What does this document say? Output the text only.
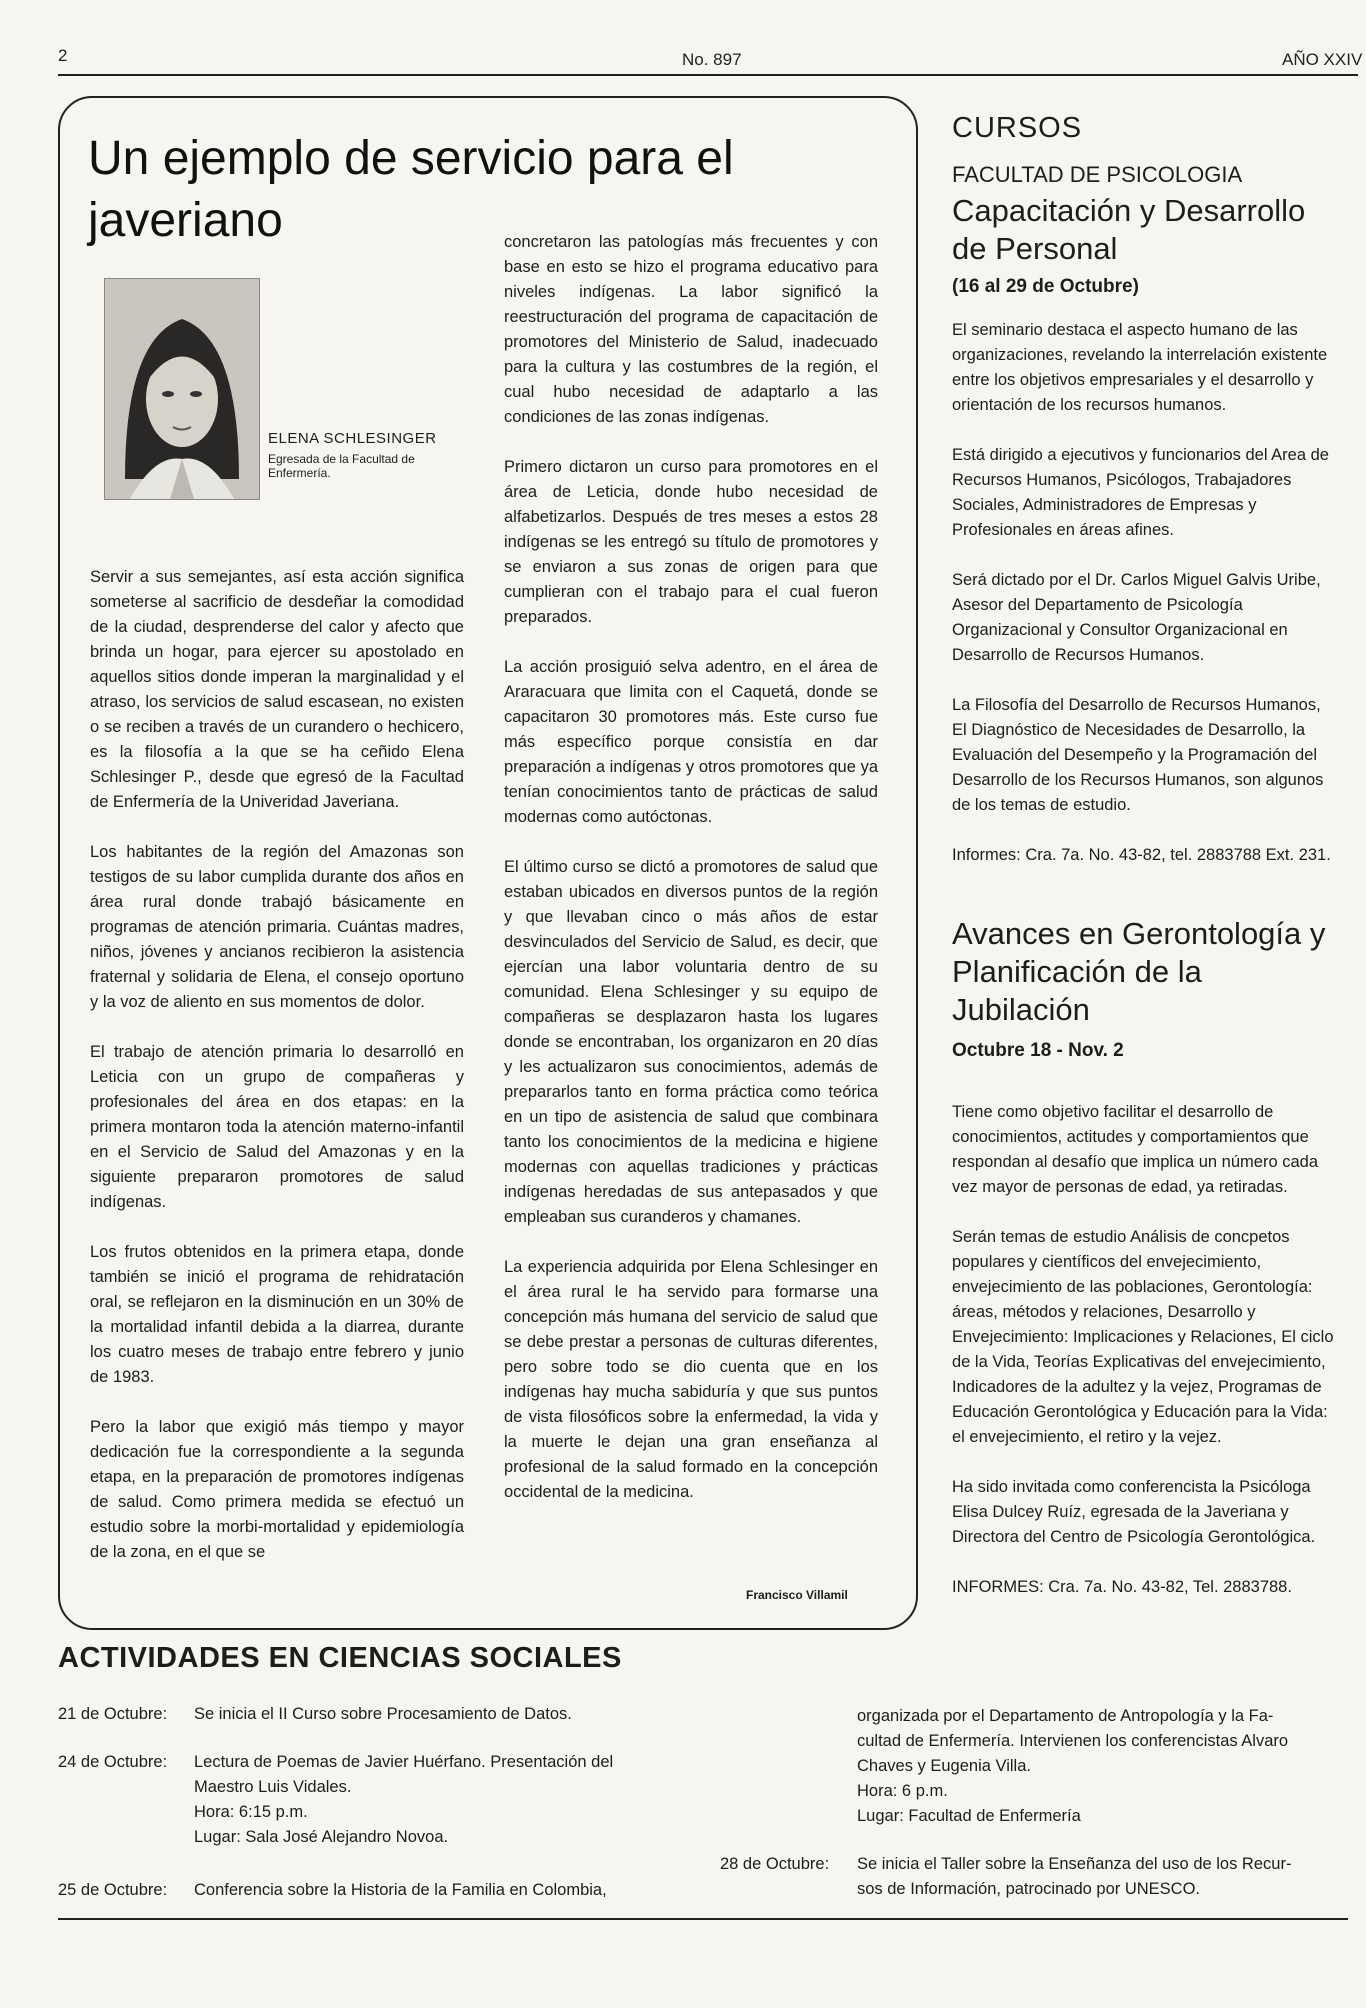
2	No. 897	AÑO XXIV
Un ejemplo de servicio para el javeriano
ELENA SCHLESINGER
Egresada de la Facultad de Enfermería.

Servir a sus semejantes, así esta acción significa someterse al sacrificio de desdeñar la comodidad de la ciudad, desprenderse del calor y afecto que brinda un hogar, para ejercer su apostolado en aquellos sitios donde imperan la marginalidad y el atraso, los servicios de salud escasean, no existen o se reciben a través de un curandero o hechicero, es la filosofía a la que se ha ceñido Elena Schlesinger P., desde que egresó de la Facultad de Enfermería de la Univeridad Javeriana.

Los habitantes de la región del Amazonas son testigos de su labor cumplida durante dos años en área rural donde trabajó básicamente en programas de atención primaria. Cuántas madres, niños, jóvenes y ancianos recibieron la asistencia fraternal y solidaria de Elena, el consejo oportuno y la voz de aliento en sus momentos de dolor.

El trabajo de atención primaria lo desarrolló en Leticia con un grupo de compañeras y profesionales del área en dos etapas: en la primera montaron toda la atención materno-infantil en el Servicio de Salud del Amazonas y en la siguiente prepararon promotores de salud indígenas.

Los frutos obtenidos en la primera etapa, donde también se inició el programa de rehidratación oral, se reflejaron en la disminución en un 30% de la mortalidad infantil debida a la diarrea, durante los cuatro meses de trabajo entre febrero y junio de 1983.

Pero la labor que exigió más tiempo y mayor dedicación fue la correspondiente a la segunda etapa, en la preparación de promotores indígenas de salud. Como primera medida se efectuó un estudio sobre la morbi-mortalidad y epidemiología de la zona, en el que se

concretaron las patologías más frecuentes y con base en esto se hizo el programa educativo para niveles indígenas. La labor significó la reestructuración del programa de capacitación de promotores del Ministerio de Salud, inadecuado para la cultura y las costumbres de la región, el cual hubo necesidad de adaptarlo a las condiciones de las zonas indígenas.

Primero dictaron un curso para promotores en el área de Leticia, donde hubo necesidad de alfabetizarlos. Después de tres meses a estos 28 indígenas se les entregó su título de promotores y se enviaron a sus zonas de origen para que cumplieran con el trabajo para el cual fueron preparados.

La acción prosiguió selva adentro, en el área de Araracuara que limita con el Caquetá, donde se capacitaron 30 promotores más. Este curso fue más específico porque consistía en dar preparación a indígenas y otros promotores que ya tenían conocimientos tanto de prácticas de salud modernas como autóctonas.

El último curso se dictó a promotores de salud que estaban ubicados en diversos puntos de la región y que llevaban cinco o más años de estar desvinculados del Servicio de Salud, es decir, que ejercían una labor voluntaria dentro de su comunidad. Elena Schlesinger y su equipo de compañeras se desplazaron hasta los lugares donde se encontraban, los organizaron en 20 días y les actualizaron sus conocimientos, además de prepararlos tanto en forma práctica como teórica en un tipo de asistencia de salud que combinara tanto los conocimientos de la medicina e higiene modernas con aquellas tradiciones y prácticas indígenas heredadas de sus antepasados y que empleaban sus curanderos y chamanes.

La experiencia adquirida por Elena Schlesinger en el área rural le ha servido para formarse una concepción más humana del servicio de salud que se debe prestar a personas de culturas diferentes, pero sobre todo se dio cuenta que en los indígenas hay mucha sabiduría y que sus puntos de vista filosóficos sobre la enfermedad, la vida y la muerte le dejan una gran enseñanza al profesional de la salud formado en la concepción occidental de la medicina.

Francisco Villamil
CURSOS
FACULTAD DE PSICOLOGIA
Capacitación y Desarrollo de Personal
(16 al 29 de Octubre)

El seminario destaca el aspecto humano de las organizaciones, revelando la interrelación existente entre los objetivos empresariales y el desarrollo y orientación de los recursos humanos.

Está dirigido a ejecutivos y funcionarios del Area de Recursos Humanos, Psicólogos, Trabajadores Sociales, Administradores de Empresas y Profesionales en áreas afines.

Será dictado por el Dr. Carlos Miguel Galvis Uribe, Asesor del Departamento de Psicología Organizacional y Consultor Organizacional en Desarrollo de Recursos Humanos.

La Filosofía del Desarrollo de Recursos Humanos, El Diagnóstico de Necesidades de Desarrollo, la Evaluación del Desempeño y la Programación del Desarrollo de los Recursos Humanos, son algunos de los temas de estudio.

Informes: Cra. 7a. No. 43-82, tel. 2883788 Ext. 231.

Avances en Gerontología y Planificación de la Jubilación
Octubre 18 - Nov. 2

Tiene como objetivo facilitar el desarrollo de conocimientos, actitudes y comportamientos que respondan al desafío que implica un número cada vez mayor de personas de edad, ya retiradas.

Serán temas de estudio Análisis de concpetos populares y científicos del envejecimiento, envejecimiento de las poblaciones, Gerontología: áreas, métodos y relaciones, Desarrollo y Envejecimiento: Implicaciones y Relaciones, El ciclo de la Vida, Teorías Explicativas del envejecimiento, Indicadores de la adultez y la vejez, Programas de Educación Gerontológica y Educación para la Vida: el envejecimiento, el retiro y la vejez.

Ha sido invitada como conferencista la Psicóloga Elisa Dulcey Ruíz, egresada de la Javeriana y Directora del Centro de Psicología Gerontológica.

INFORMES: Cra. 7a. No. 43-82, Tel. 2883788.

ACTIVIDADES EN CIENCIAS SOCIALES
21 de Octubre: Se inicia el II Curso sobre Procesamiento de Datos.
24 de Octubre: Lectura de Poemas de Javier Huérfano. Presentación del
Maestro Luis Vidales.
Hora: 6:15 p.m.
Lugar: Sala José Alejandro Novoa.
25 de Octubre: Conferencia sobre la Historia de la Familia en Colombia,
organizada por el Departamento de Antropología y la Fa-
cultad de Enfermería. Intervienen los conferencistas Alvaro
Chaves y Eugenia Villa.
Hora: 6 p.m.
Lugar: Facultad de Enfermería
28 de Octubre: Se inicia el Taller sobre la Enseñanza del uso de los Recur-
sos de Información, patrocinado por UNESCO.
